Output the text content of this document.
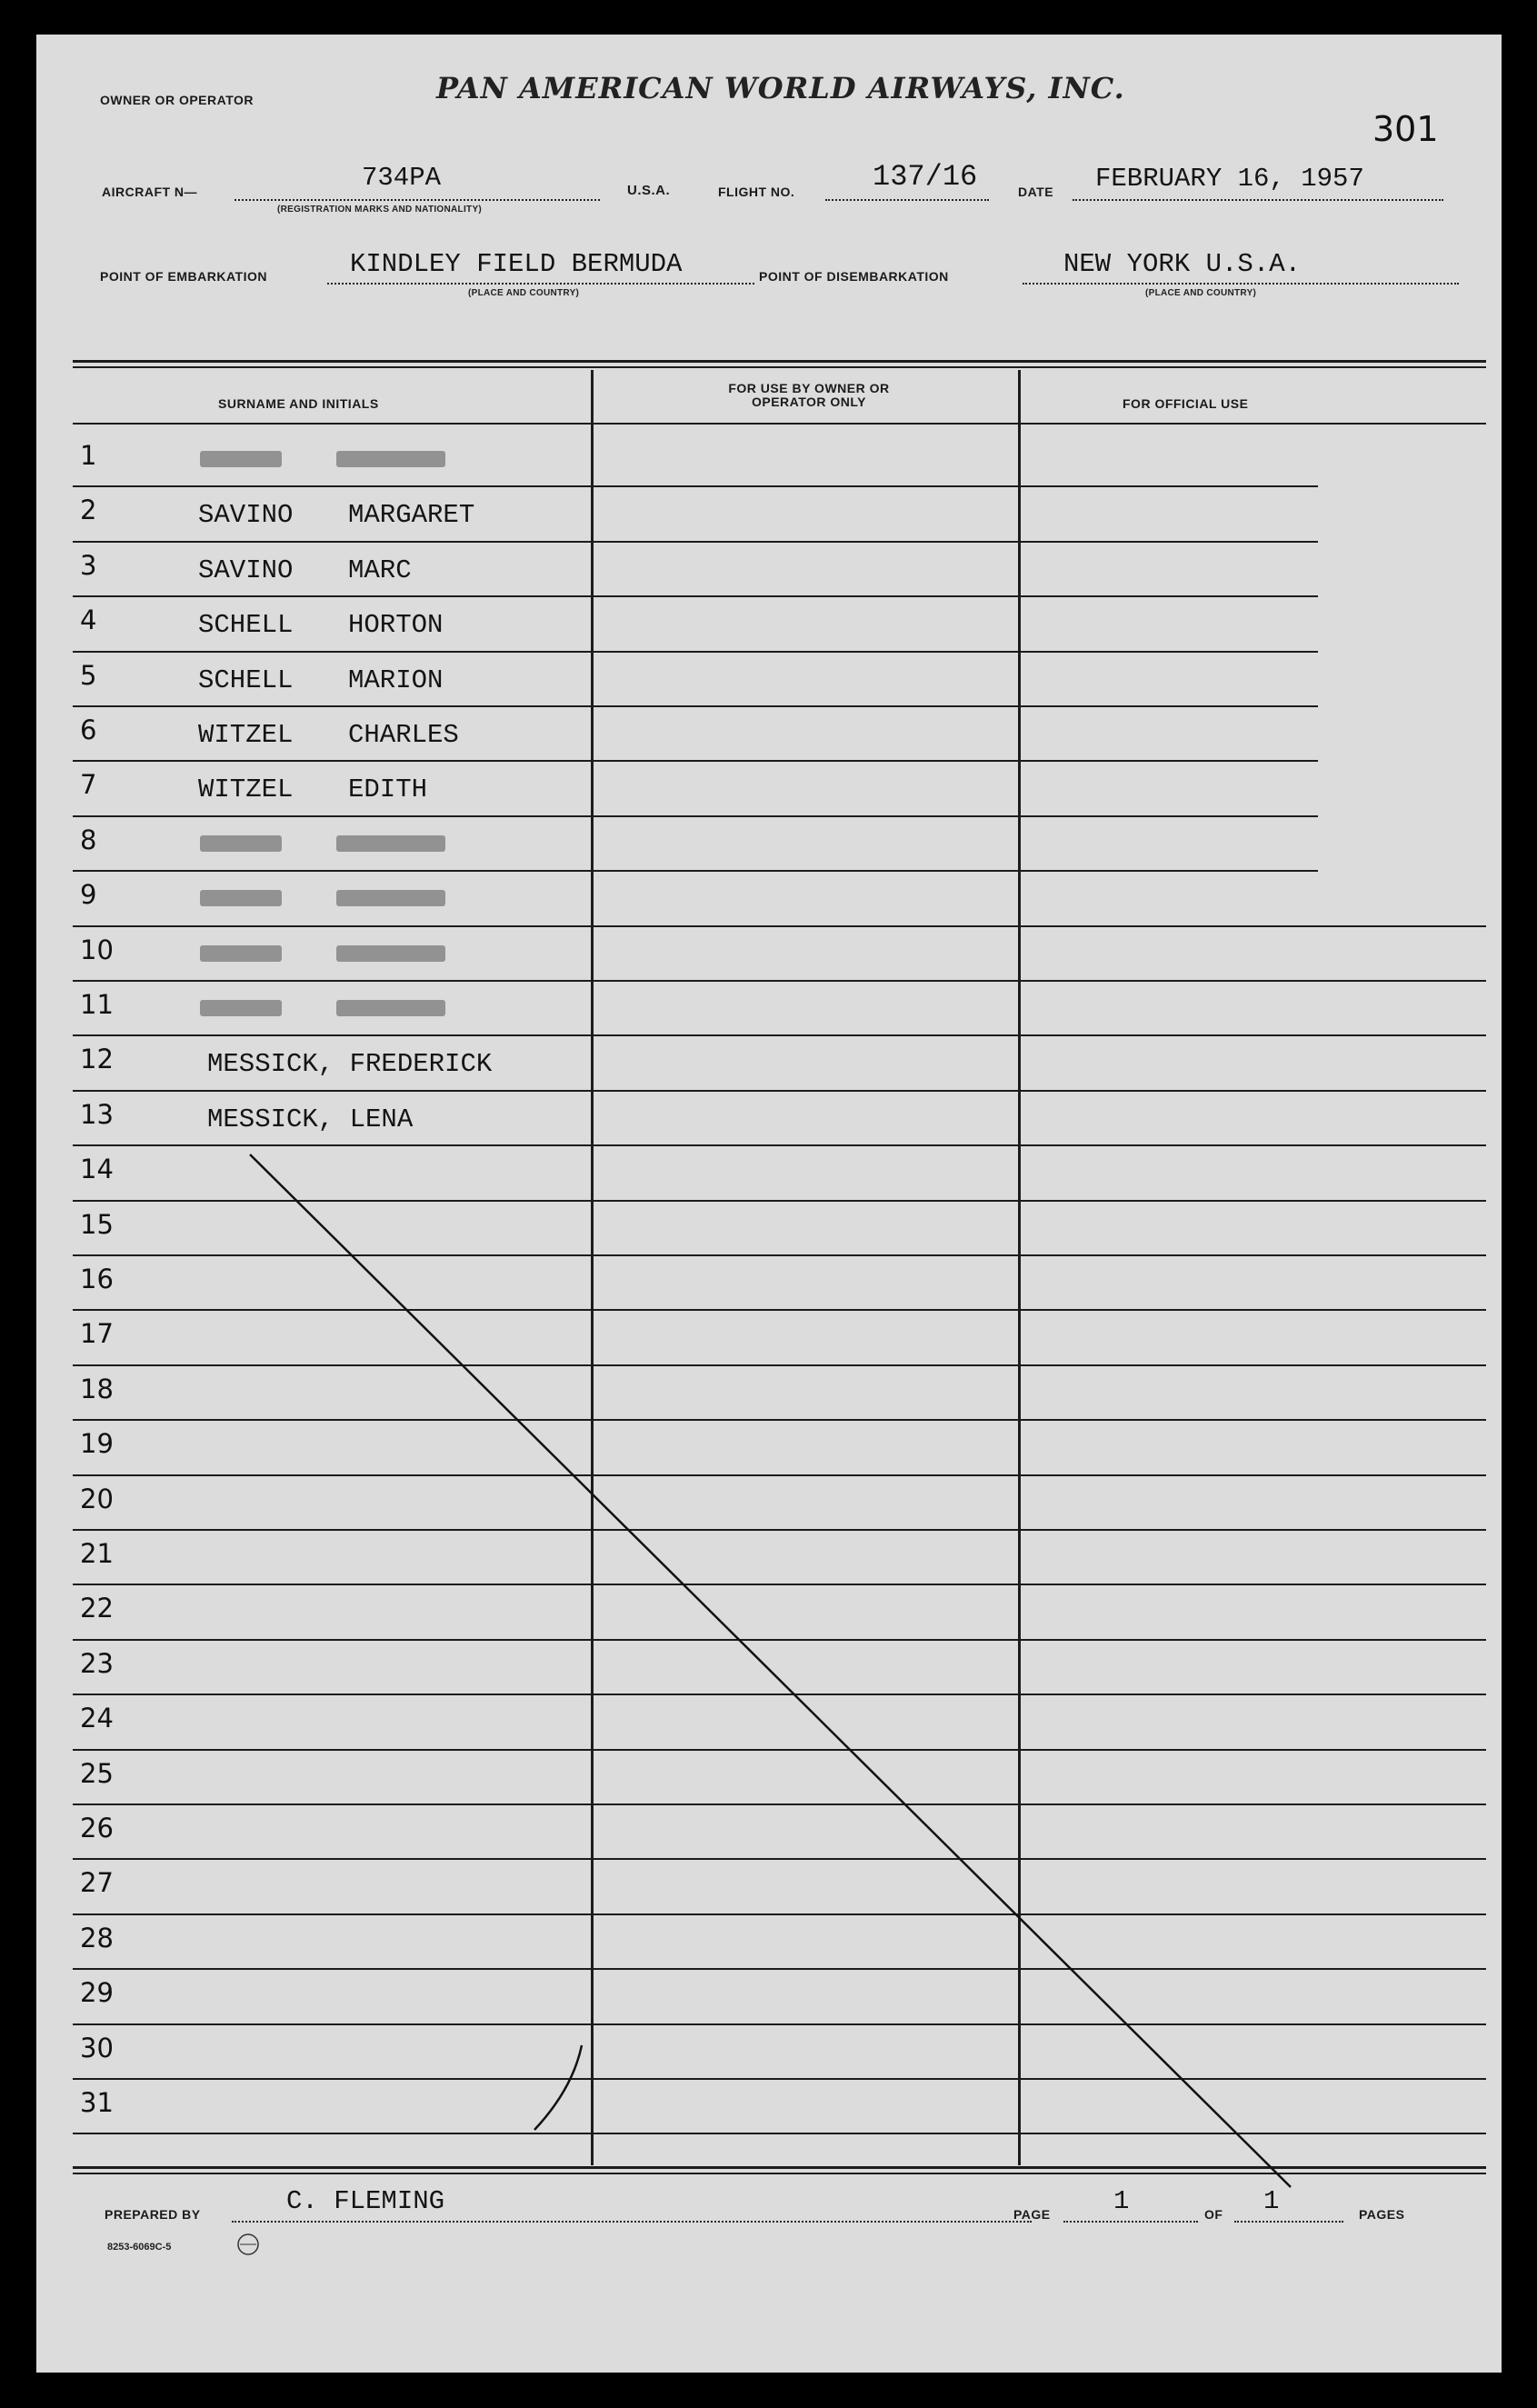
OWNER OR OPERATOR	PAN AMERICAN WORLD AIRWAYS, INC.
301
AIRCRAFT N—	734PA
(REGISTRATION MARKS AND NATIONALITY)
U.S.A.	FLIGHT NO.	137/16	DATE FEBRUARY 16, 1957
POINT OF EMBARKATION	KINDLEY FIELD BERMUDA
(PLACE AND COUNTRY)
POINT OF DISEMBARKATION	NEW YORK U.S.A.
(PLACE AND COUNTRY)
SURNAME AND INITIALS
FOR USE BY OWNER OR OPERATOR ONLY	FOR OFFICIAL USE
1
2	SAVINO MARGARET
3	SAVINO MARC
4	SCHELL HORTON
5	SCHELL MARION
6	WITZEL CHARLES
7	WITZEL EDITH
8
9
10
11
12	MESSICK, FREDERICK
13	MESSICK, LENA
14
15
16
17
18
19
20
21
22
23
24
25
26
27
28
29
30
31
PREPARED BY	C. FLEMING	PAGE 1	OF 1	PAGES
8253-6069C-5
